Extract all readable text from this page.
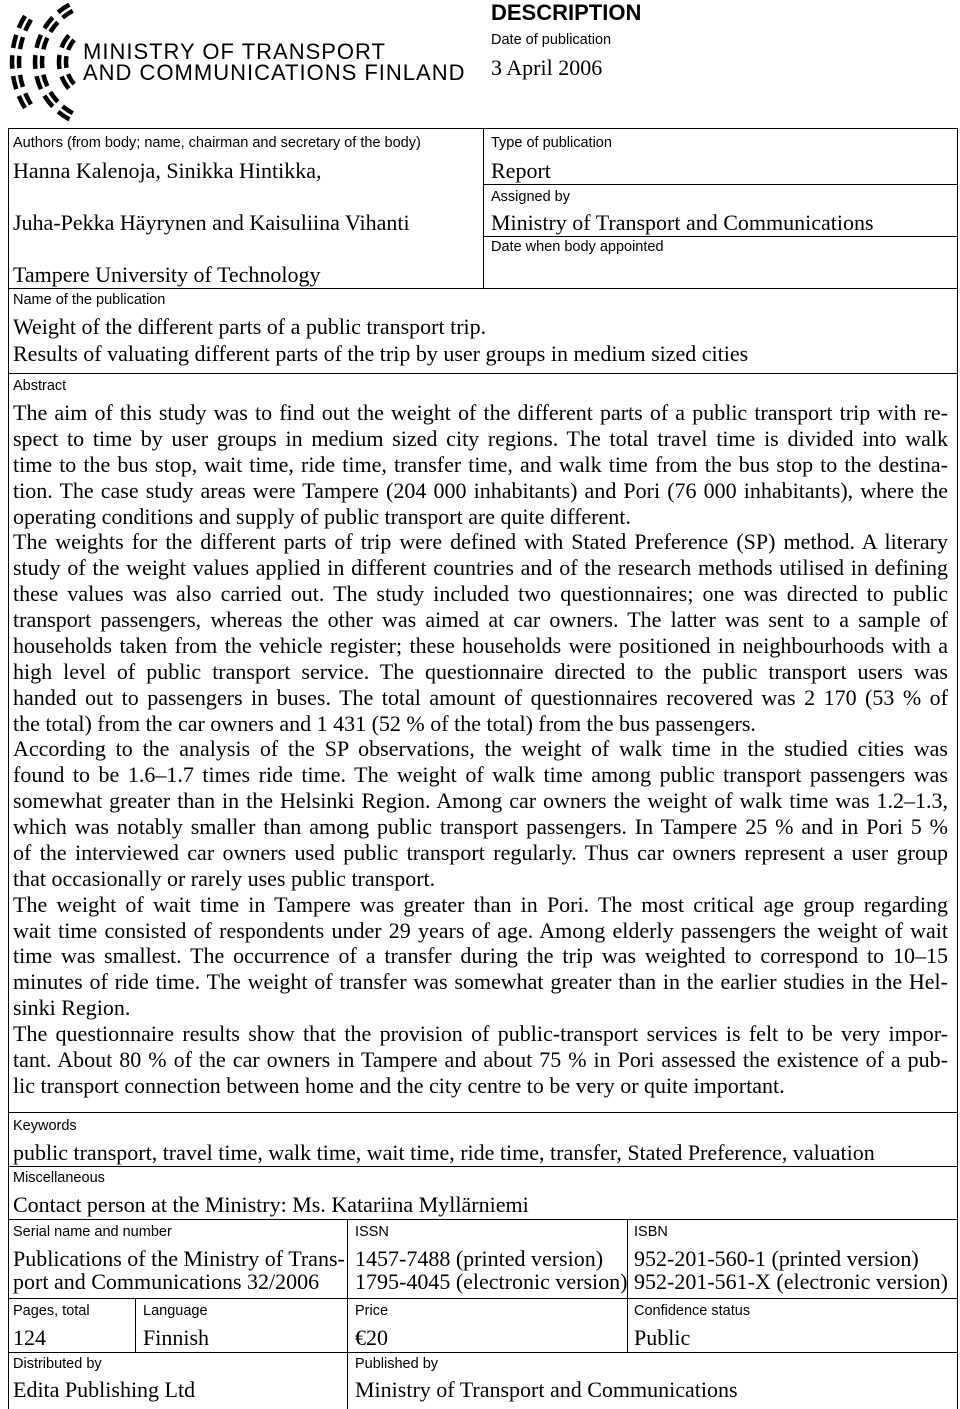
MINISTRY OF TRANSPORT
AND COMMUNICATIONS FINLAND
DESCRIPTION
Date of publication
3 April 2006
Authors (from body; name, chairman and secretary of the body)
Hanna Kalenoja, Sinikka Hintikka,
Juha-Pekka Häyrynen and Kaisuliina Vihanti
Tampere University of Technology
Type of publication
Report
Assigned by
Ministry of Transport and Communications
Date when body appointed
Name of the publication
Weight of the different parts of a public transport trip.
Results of valuating different parts of the trip by user groups in medium sized cities
Abstract
The aim of this study was to find out the weight of the different parts of a public transport trip with re-
spect to time by user groups in medium sized city regions. The total travel time is divided into walk
time to the bus stop, wait time, ride time, transfer time, and walk time from the bus stop to the destina-
tion. The case study areas were Tampere (204 000 inhabitants) and Pori (76 000 inhabitants), where the
operating conditions and supply of public transport are quite different.
The weights for the different parts of trip were defined with Stated Preference (SP) method. A literary
study of the weight values applied in different countries and of the research methods utilised in defining
these values was also carried out. The study included two questionnaires; one was directed to public
transport passengers, whereas the other was aimed at car owners. The latter was sent to a sample of
households taken from the vehicle register; these households were positioned in neighbourhoods with a
high level of public transport service. The questionnaire directed to the public transport users was
handed out to passengers in buses. The total amount of questionnaires recovered was 2 170 (53 % of
the total) from the car owners and 1 431 (52 % of the total) from the bus passengers.
According to the analysis of the SP observations, the weight of walk time in the studied cities was
found to be 1.6–1.7 times ride time. The weight of walk time among public transport passengers was
somewhat greater than in the Helsinki Region. Among car owners the weight of walk time was 1.2–1.3,
which was notably smaller than among public transport passengers. In Tampere 25 % and in Pori 5 %
of the interviewed car owners used public transport regularly. Thus car owners represent a user group
that occasionally or rarely uses public transport.
The weight of wait time in Tampere was greater than in Pori. The most critical age group regarding
wait time consisted of respondents under 29 years of age. Among elderly passengers the weight of wait
time was smallest. The occurrence of a transfer during the trip was weighted to correspond to 10–15
minutes of ride time. The weight of transfer was somewhat greater than in the earlier studies in the Hel-
sinki Region.
The questionnaire results show that the provision of public-transport services is felt to be very impor-
tant. About 80 % of the car owners in Tampere and about 75 % in Pori assessed the existence of a pub-
lic transport connection between home and the city centre to be very or quite important.
Keywords
public transport, travel time, walk time, wait time, ride time, transfer, Stated Preference, valuation
Miscellaneous
Contact person at the Ministry: Ms. Katariina Myllärniemi
Serial name and number
Publications of the Ministry of Trans-
port and Communications 32/2006
ISSN
1457-7488 (printed version)
1795-4045 (electronic version)
ISBN
952-201-560-1 (printed version)
952-201-561-X (electronic version)
Pages, total
124
Language
Finnish
Price
€20
Confidence status
Public
Distributed by
Edita Publishing Ltd
Published by
Ministry of Transport and Communications
